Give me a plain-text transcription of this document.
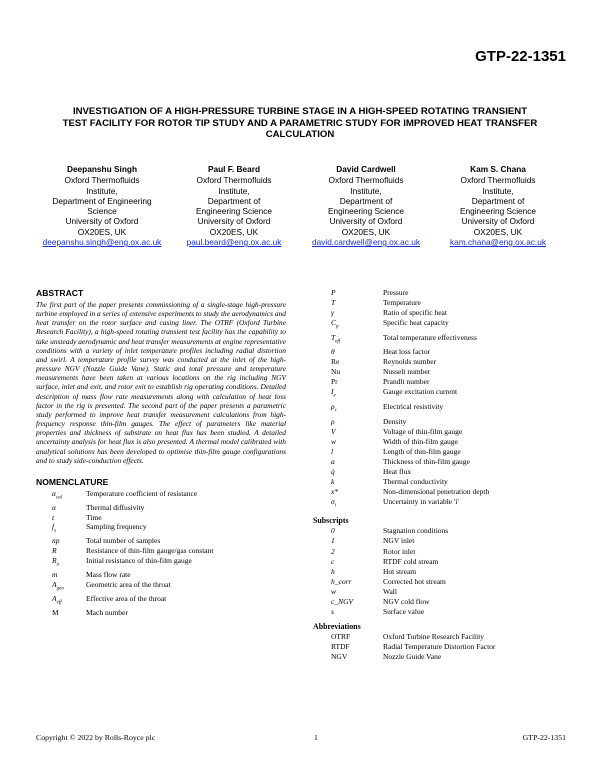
GTP-22-1351
INVESTIGATION OF A HIGH-PRESSURE TURBINE STAGE IN A HIGH-SPEED ROTATING TRANSIENT TEST FACILITY FOR ROTOR TIP STUDY AND A PARAMETRIC STUDY FOR IMPROVED HEAT TRANSFER CALCULATION
Deepanshu Singh
Oxford Thermofluids
Institute,
Department of Engineering
Science
University of Oxford
OX20ES, UK
deepanshu.singh@eng.ox.ac.uk
Paul F. Beard
Oxford Thermofluids
Institute,
Department of
Engineering Science
University of Oxford
OX20ES, UK
paul.beard@eng.ox.ac.uk
David Cardwell
Oxford Thermofluids
Institute,
Department of
Engineering Science
University of Oxford
OX20ES, UK
david.cardwell@eng.ox.ac.uk
Kam S. Chana
Oxford Thermofluids
Institute,
Department of
Engineering Science
University of Oxford
OX20ES, UK
kam.chana@eng.ox.ac.uk
ABSTRACT

The first part of the paper presents commissioning of a single-stage high-pressure turbine employed in a series of extensive experiments to study the aerodynamics and heat transfer on the rotor surface and casing liner. The OTRF (Oxford Turbine Research Facility), a high-speed rotating transient test facility has the capability to take unsteady aerodynamic and heat transfer measurements at engine representative conditions with a variety of inlet temperature profiles including radial distortion and swirl. A temperature profile survey was conducted at the inlet of the high-pressure NGV (Nozzle Guide Vane). Static and total pressure and temperature measurements have been taken at various locations on the rig including NGV surface, inlet and exit, and rotor exit to establish rig operating conditions. Detailed description of mass flow rate measurements along with calculation of heat loss factor in the rig is presented. The second part of the paper presents a parametric study performed to improve heat transfer measurement calculations from high-frequency response thin-film gauges. The effect of parameters like material properties and thickness of substrate on heat flux has been studied. A detailed uncertainty analysis for heat flux is also presented. A thermal model calibrated with analytical solutions has been developed to optimise thin-film gauge configurations and to study side-conduction effects.

NOMENCLATURE
$\alpha_{cal}$	Temperature coefficient of resistance
α	Thermal diffusivity
t	Time
$f_s$	Sampling frequency
np	Total number of samples
R	Resistance of thin-film gauge/gas constant
$R_o$	Initial resistance of thin-film gauge
m	Mass flow rate
$A_{geo}$	Geometric area of the throat
$A_{eff}$	Effective area of the throat
M	Mach number
P	Pressure
T	Temperature
γ	Ratio of specific heat
$C_p$	Specific heat capacity
$T_{eff}$	Total temperature effectiveness
θ	Heat loss factor
Re	Reynolds number
Nu	Nusselt number
Pr	Prandlt number
$I_e$	Gauge excitation current
$\rho_r$	Electrical resistivity
ρ	Density
V	Voltage of thin-film gauge
w	Width of thin-film gauge
l	Length of thin-film gauge
a	Thickness of thin-film gauge
q̇	Heat flux
k	Thermal conductivity
x*	Non-dimensional penetration depth
$\sigma_i$	Uncertainty in variable 'i'
Subscripts
0	Stagnation conditions
1	NGV inlet
2	Rotor inlet
c	RTDF cold stream
h	Hot stream
h_corr	Corrected hot stream
w	Wall
c_NGV	NGV cold flow
s	Surface value
Abbreviations
OTRF	Oxford Turbine Research Facility
RTDF	Radial Temperature Distortion Factor
NGV	Nozzle Guide Vane
Copyright © 2022 by Rolls-Royce plc	1	GTP-22-1351
